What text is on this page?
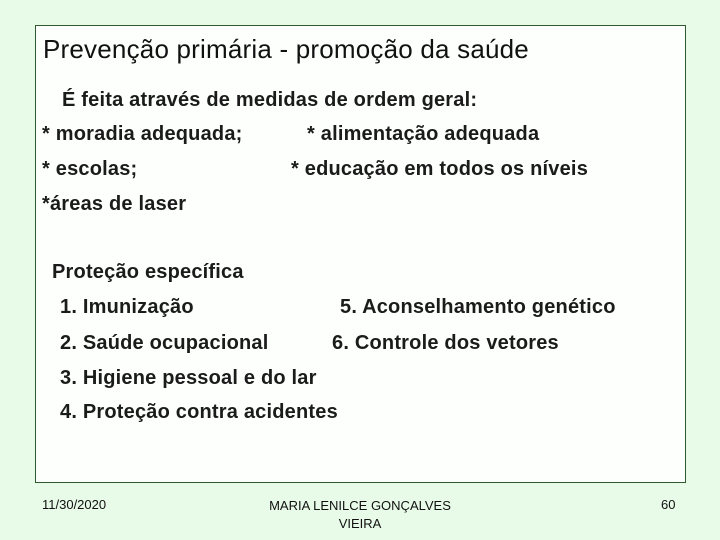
Prevenção primária - promoção da saúde
É feita através de medidas de ordem geral:
* moradia adequada;	* alimentação adequada
* escolas;	* educação em todos os níveis
*áreas de laser
Proteção específica
1. Imunização	5. Aconselhamento genético
2. Saúde ocupacional	6. Controle dos vetores
3. Higiene pessoal e do lar
4. Proteção contra acidentes
11/30/2020	MARIA LENILCE GONÇALVES
VIEIRA
60
